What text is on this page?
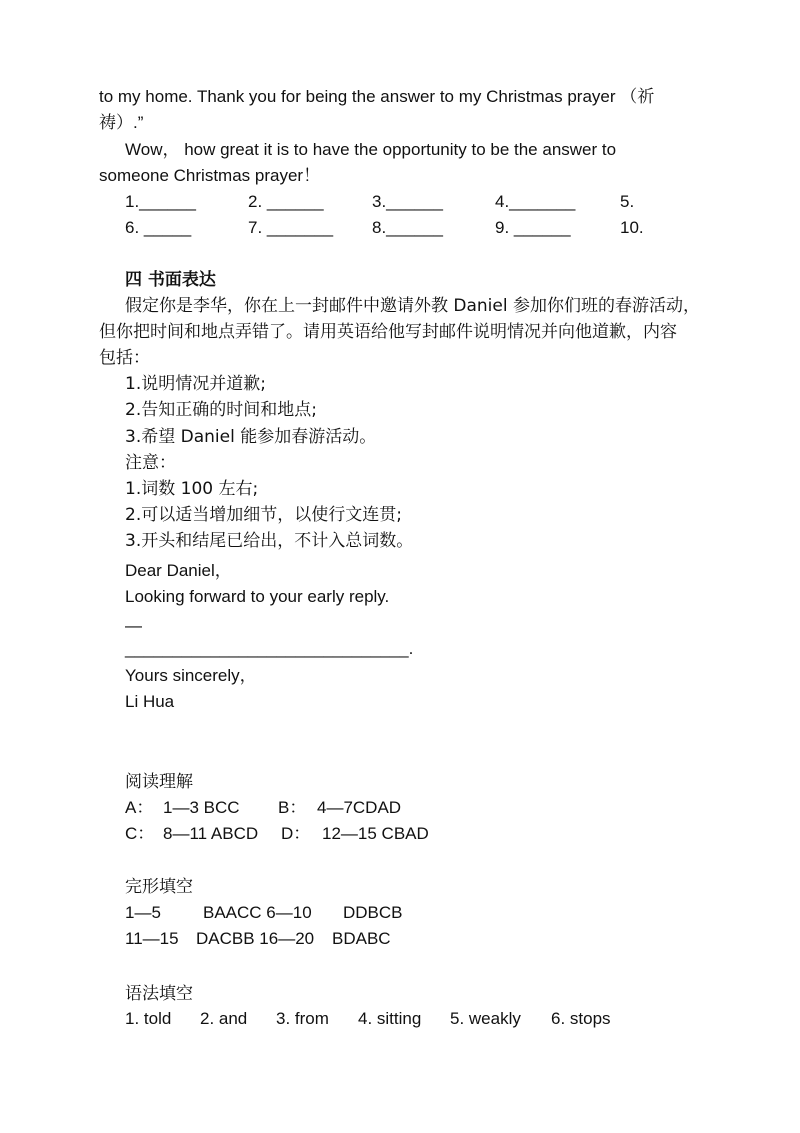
to my home. Thank you for being the answer to my Christmas prayer （祈
祷）.”
Wow， how great it is to have the opportunity to be the answer to
someone Christmas prayer！
1.______	2. ______	3.______	4._______	5.
6. _____	7. _______ 8.______	9. ______	10.
四 书面表达
假定你是李华，你在上一封邮件中邀请外教 Daniel 参加你们班的春游活动，
但你把时间和地点弄错了。请用英语给他写封邮件说明情况并向他道歉，内容
包括：
1.说明情况并道歉;
2.告知正确的时间和地点;
3.希望 Daniel 能参加春游活动。
注意：
1.词数 100 左右;
2.可以适当增加细节，以使行文连贯;
3.开头和结尾已给出，不计入总词数。
Dear Daniel，
Looking forward to your early reply.
—
______________________________.
Yours sincerely，
Li Hua
阅读理解
A： 1—3 BCC B： 4—7CDAD
C： 8—11 ABCD D： 12—15 CBAD
完形填空
1—5 BAACC 6—10 DDBCB
11—15 DACBB 16—20 BDABC
语法填空
1. told 2. and 3. from 4. sitting 5. weakly 6. stops
